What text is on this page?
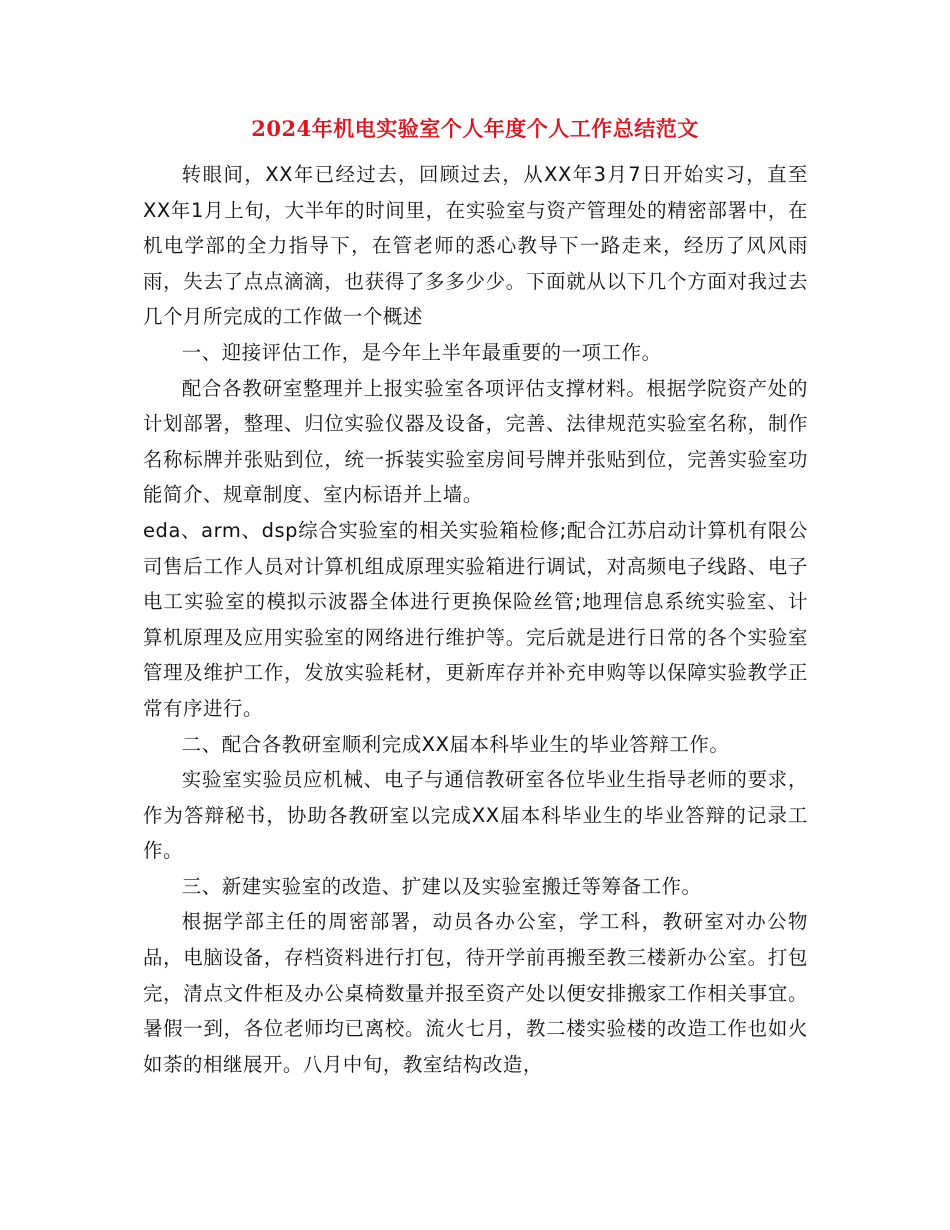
2024年机电实验室个人年度个人工作总结范文

转眼间，XX年已经过去，回顾过去，从XX年3月7日开始实习，直至XX年1月上旬，大半年的时间里，在实验室与资产管理处的精密部署中，在机电学部的全力指导下，在管老师的悉心教导下一路走来，经历了风风雨雨，失去了点点滴滴，也获得了多多少少。下面就从以下几个方面对我过去几个月所完成的工作做一个概述

一、迎接评估工作，是今年上半年最重要的一项工作。

配合各教研室整理并上报实验室各项评估支撑材料。根据学院资产处的计划部署，整理、归位实验仪器及设备，完善、法律规范实验室名称，制作名称标牌并张贴到位，统一拆装实验室房间号牌并张贴到位，完善实验室功能简介、规章制度、室内标语并上墙。

eda、arm、dsp综合实验室的相关实验箱检修;配合江苏启动计算机有限公司售后工作人员对计算机组成原理实验箱进行调试，对高频电子线路、电子电工实验室的模拟示波器全体进行更换保险丝管;地理信息系统实验室、计算机原理及应用实验室的网络进行维护等。完后就是进行日常的各个实验室管理及维护工作，发放实验耗材，更新库存并补充申购等以保障实验教学正常有序进行。

二、配合各教研室顺利完成XX届本科毕业生的毕业答辩工作。

实验室实验员应机械、电子与通信教研室各位毕业生指导老师的要求，作为答辩秘书，协助各教研室以完成XX届本科毕业生的毕业答辩的记录工作。

三、新建实验室的改造、扩建以及实验室搬迁等筹备工作。

根据学部主任的周密部署，动员各办公室，学工科，教研室对办公物品，电脑设备，存档资料进行打包，待开学前再搬至教三楼新办公室。打包完，清点文件柜及办公桌椅数量并报至资产处以便安排搬家工作相关事宜。暑假一到，各位老师均已离校。流火七月，教二楼实验楼的改造工作也如火如荼的相继展开。八月中旬，教室结构改造，
